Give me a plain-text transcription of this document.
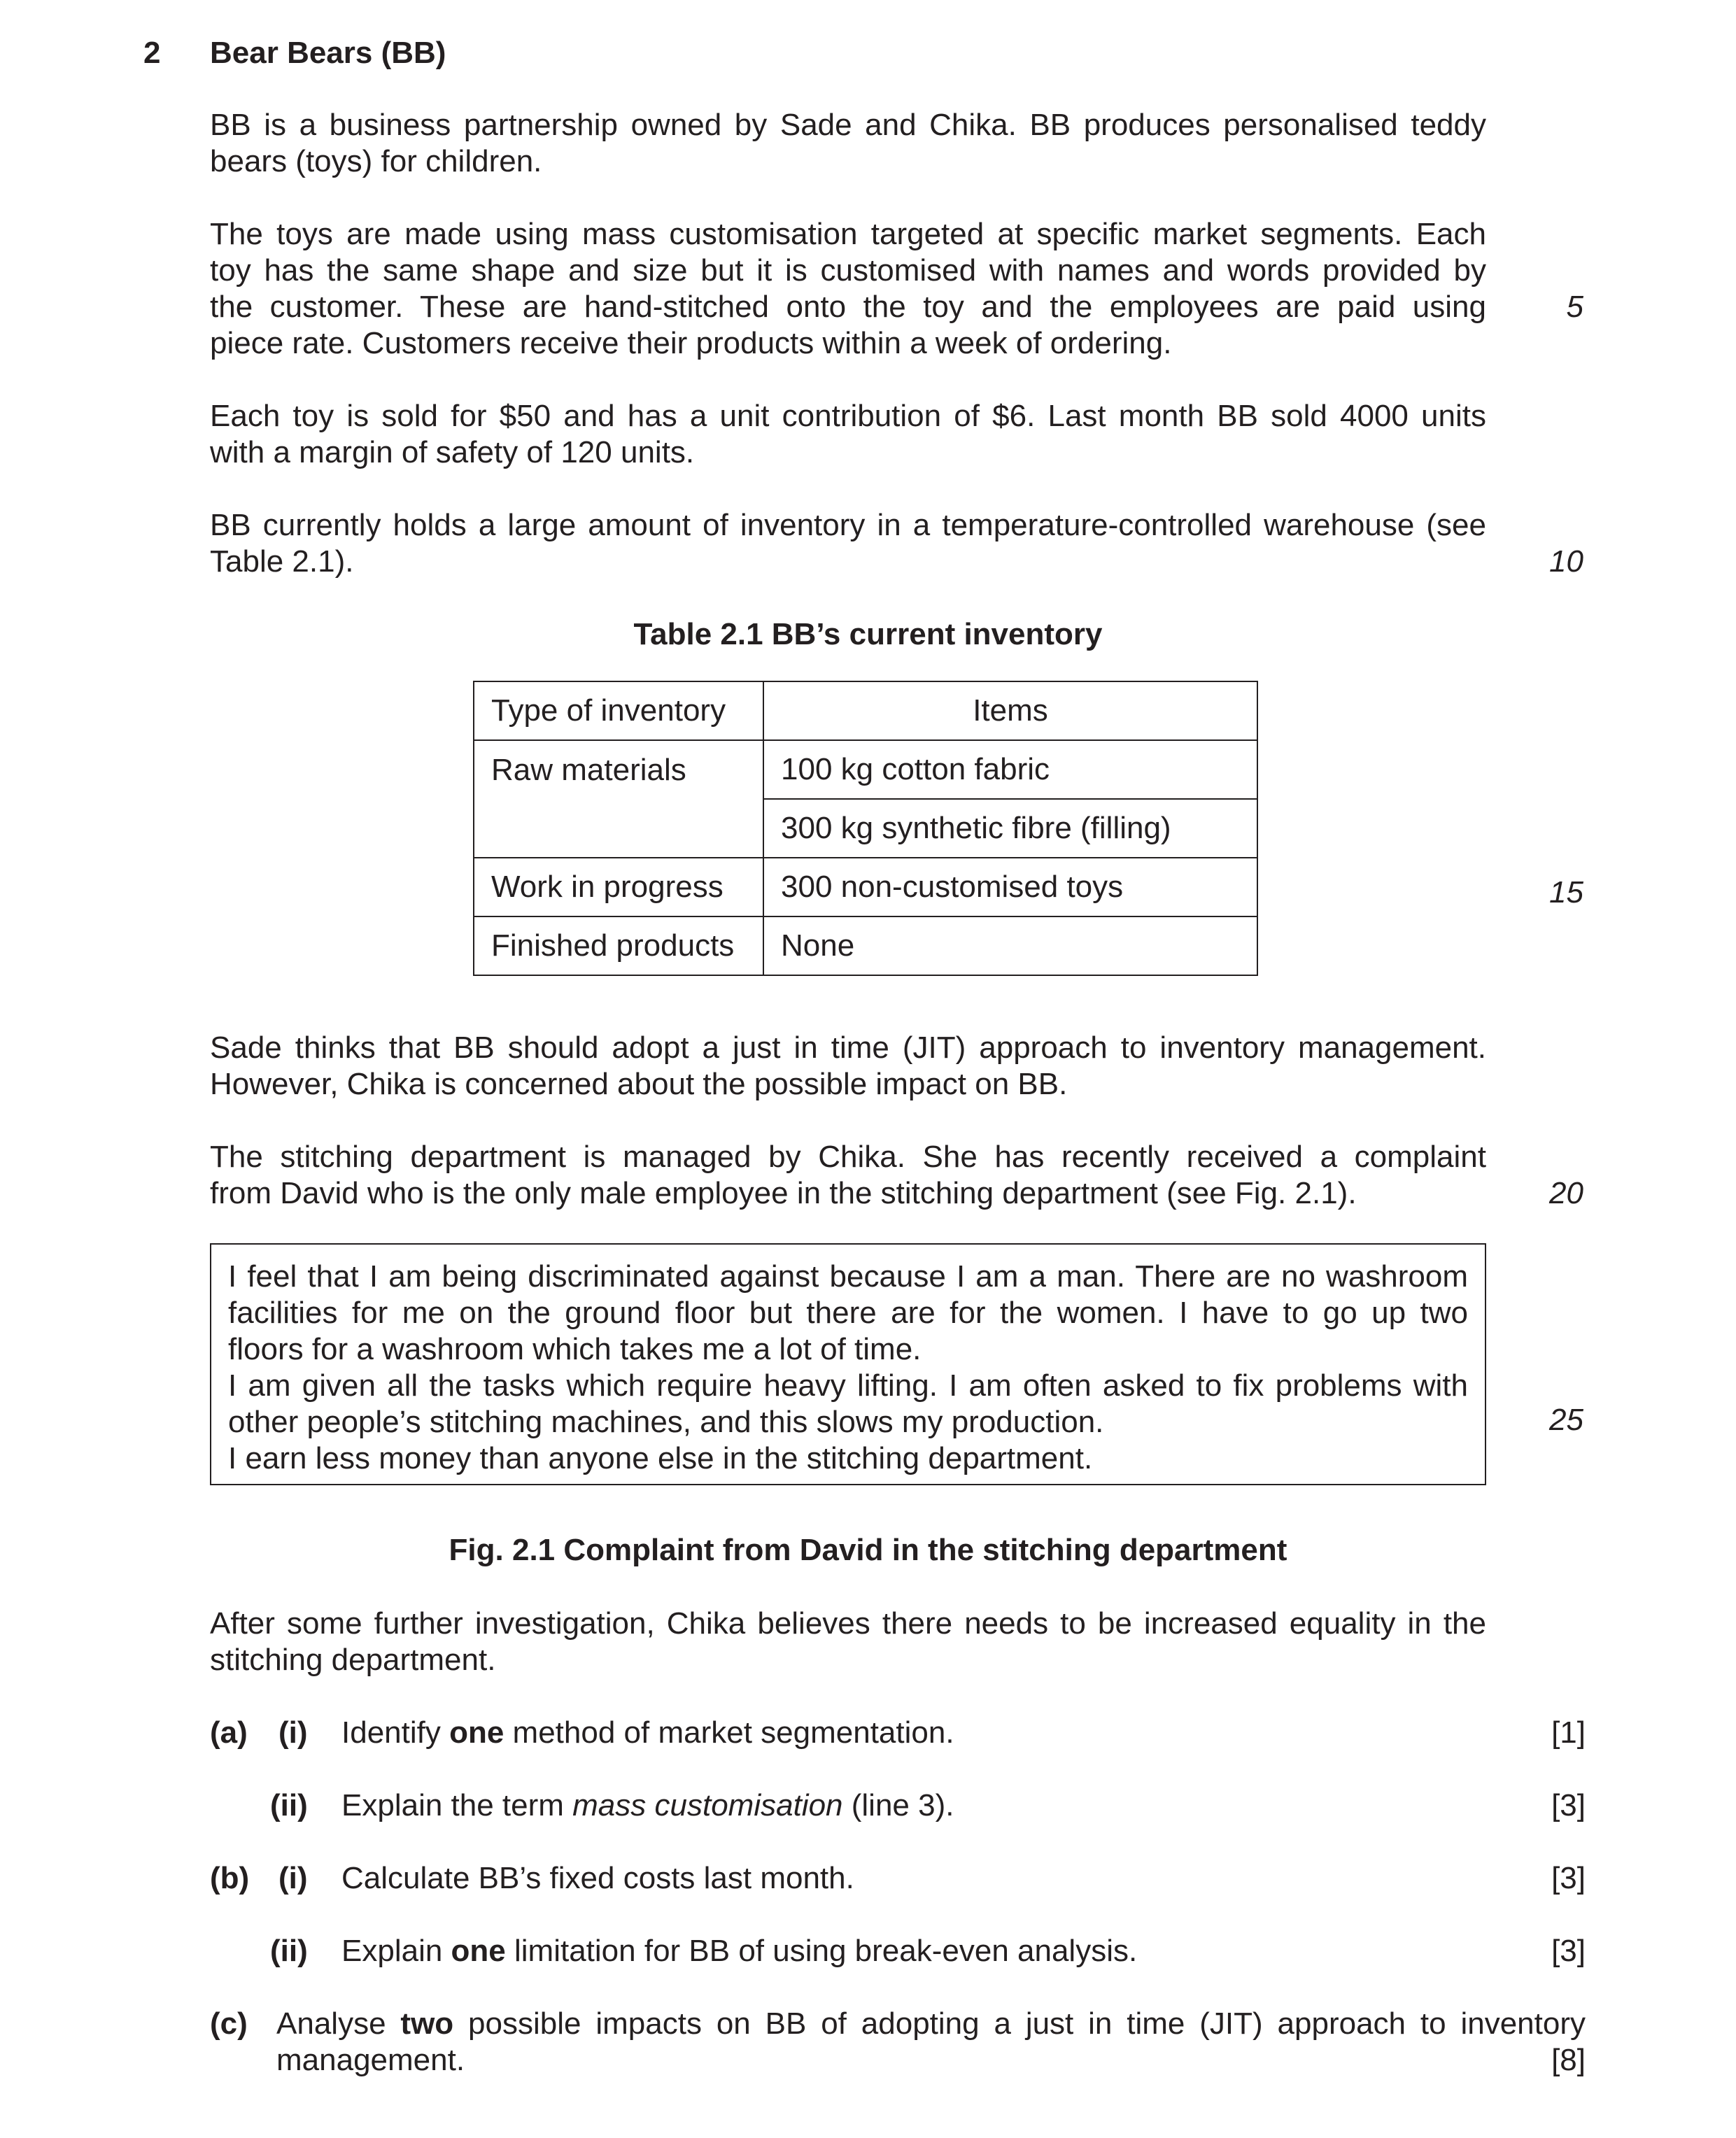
2 Bear Bears (BB)
BB is a business partnership owned by Sade and Chika. BB produces personalised teddy
bears (toys) for children.
The toys are made using mass customisation targeted at specific market segments. Each
toy has the same shape and size but it is customised with names and words provided by
the customer. These are hand-stitched onto the toy and the employees are paid using
piece rate. Customers receive their products within a week of ordering.
5
Each toy is sold for $50 and has a unit contribution of $6. Last month BB sold 4000 units
with a margin of safety of 120 units.
BB currently holds a large amount of inventory in a temperature-controlled warehouse (see
Table 2.1).	10
Table 2.1 BB’s current inventory
Type of inventory	Items
Raw materials	100 kg cotton fabric
	300 kg synthetic fibre (filling)
Work in progress	300 non-customised toys
Finished products	None
15
Sade thinks that BB should adopt a just in time (JIT) approach to inventory management.
However, Chika is concerned about the possible impact on BB.
The stitching department is managed by Chika. She has recently received a complaint
from David who is the only male employee in the stitching department (see Fig. 2.1).	20
I feel that I am being discriminated against because I am a man. There are no washroom
facilities for me on the ground floor but there are for the women. I have to go up two
floors for a washroom which takes me a lot of time.
I am given all the tasks which require heavy lifting. I am often asked to fix problems with
other people’s stitching machines, and this slows my production.
I earn less money than anyone else in the stitching department.
25
Fig. 2.1 Complaint from David in the stitching department
After some further investigation, Chika believes there needs to be increased equality in the
stitching department.
(a) (i) Identify one method of market segmentation.	[1]
(ii) Explain the term mass customisation (line 3).	[3]
(b) (i) Calculate BB’s fixed costs last month.	[3]
(ii) Explain one limitation for BB of using break-even analysis.	[3]
(c) Analyse two possible impacts on BB of adopting a just in time (JIT) approach to inventory
management.	[8]
